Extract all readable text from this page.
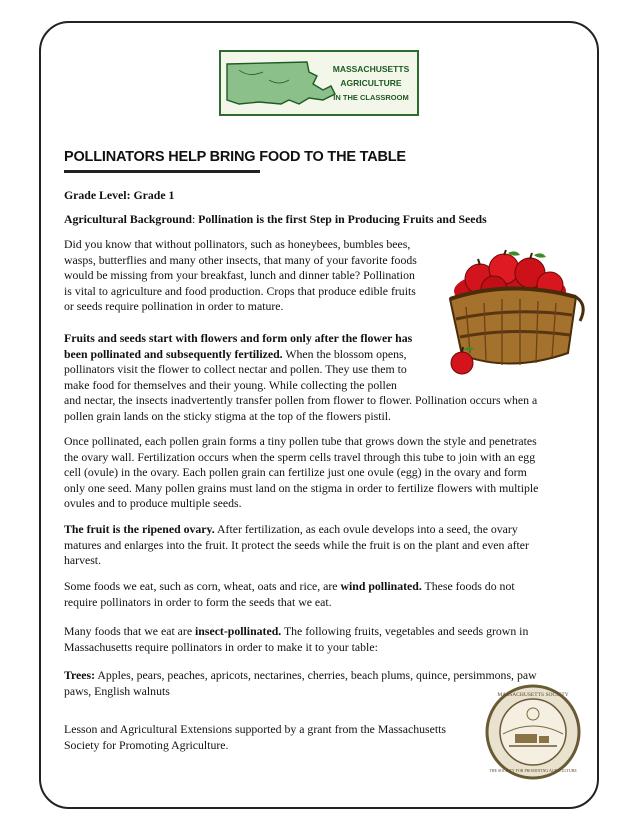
MASSACHUSETTS
AGRICULTURE
IN THE CLASSROOM
POLLINATORS HELP BRING FOOD TO THE TABLE
Grade Level: Grade 1
Agricultural Background: Pollination is the first Step in Producing Fruits and Seeds
Did you know that without pollinators, such as honeybees, bumbles bees,
wasps, butterflies and many other insects, that many of your favorite foods
would be missing from your breakfast, lunch and dinner table? Pollination
is vital to agriculture and food production. Crops that produce edible fruits
or seeds require pollination in order to mature.
Fruits and seeds start with flowers and form only after the flower has
been pollinated and subsequently fertilized. When the blossom opens,
pollinators visit the flower to collect nectar and pollen. They use them to
make food for themselves and their young. While collecting the pollen
and nectar, the insects inadvertently transfer pollen from flower to flower. Pollination occurs when a
pollen grain lands on the sticky stigma at the top of the flowers pistil.
Once pollinated, each pollen grain forms a tiny pollen tube that grows down the style and penetrates
the ovary wall. Fertilization occurs when the sperm cells travel through this tube to join with an egg
cell (ovule) in the ovary. Each pollen grain can fertilize just one ovule (egg) in the ovary and form
only one seed. Many pollen grains must land on the stigma in order to fertilize flowers with multiple
ovules and to produce multiple seeds.
The fruit is the ripened ovary. After fertilization, as each ovule develops into a seed, the ovary
matures and enlarges into the fruit. It protect the seeds while the fruit is on the plant and even after
harvest.
Some foods we eat, such as corn, wheat, oats and rice, are wind pollinated. These foods do not
require pollinators in order to form the seeds that we eat.
Many foods that we eat are insect-pollinated. The following fruits, vegetables and seeds grown in
Massachusetts require pollinators in order to make it to your table:
Trees: Apples, pears, peaches, apricots, nectarines, cherries, beach plums, quince, persimmons, paw
paws, English walnuts
Lesson and Agricultural Extensions supported by a grant from the Massachusetts
Society for Promoting Agriculture.
MASSACHUSETTS SOCIETY
THE SOCIETY FOR PROMOTING AGRICULTURE
